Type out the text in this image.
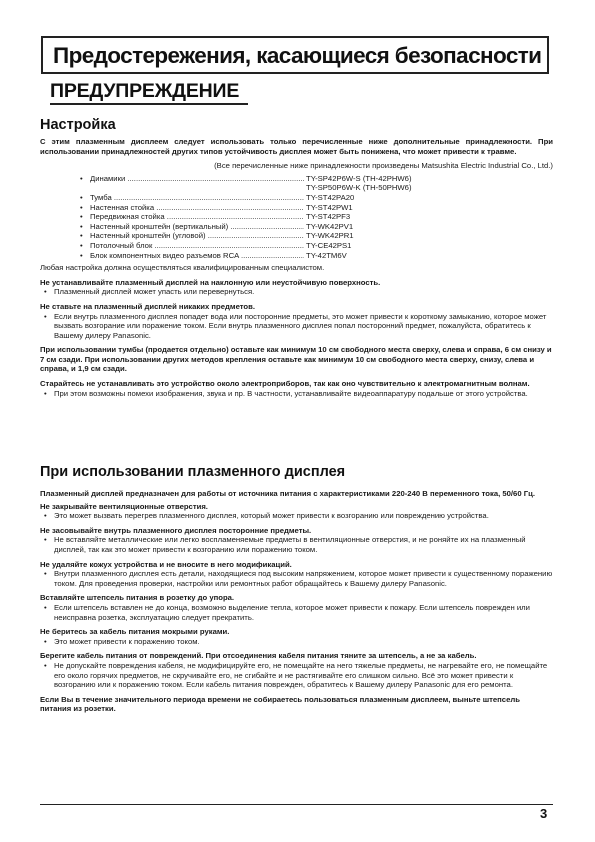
Предостережения, касающиеся безопасности
ПРЕДУПРЕЖДЕНИЕ
Настройка

С этим плазменным дисплеем следует использовать только перечисленные ниже дополнительные принадлежности. При использовании принадлежностей других типов устойчивость дисплея может быть понижена, что может привести к травме.

(Все перечисленные ниже принадлежности произведены Matsushita Electric Industrial Co., Ltd.)

• Динамики .....	TY-SP42P6W-S (TH-42PHW6)
TY-SP50P6W-K (TH-50PHW6)
• Тумба .....	TY-ST42PA20
• Настенная стойка .....	TY-ST42PW1
• Передвижная стойка .....	TY-ST42PF3
• Настенный кронштейн (вертикальный) .....	TY-WK42PV1
• Настенный кронштейн (угловой) .....	TY-WK42PR1
• Потолочный блок .....	TY-CE42PS1
• Блок компонентных видео разъемов RCA .....	TY-42TM6V

Любая настройка должна осуществляться квалифицированным специалистом.

Не устанавливайте плазменный дисплей на наклонную или неустойчивую поверхность.

• Плазменный дисплей может упасть или перевернуться.

Не ставьте на плазменный дисплей никаких предметов.

• Если внутрь плазменного дисплея попадет вода или посторонние предметы, это может привести к короткому замыканию, которое может вызвать возгорание или поражение током. Если внутрь плазменного дисплея попал посторонний предмет, пожалуйста, обратитесь к Вашему дилеру Panasonic.

При использовании тумбы (продается отдельно) оставьте как минимум 10 см свободного места сверху, слева и справа, 6 см снизу и 7 см сзади. При использовании других методов крепления оставьте как минимум 10 см свободного места сверху, снизу, слева и справа, и 1,9 см сзади.

Старайтесь не устанавливать это устройство около электроприборов, так как оно чувствительно к электромагнитным волнам.

• При этом возможны помехи изображения, звука и пр. В частности, устанавливайте видеоаппаратуру подальше от этого устройства.

При использовании плазменного дисплея

Плазменный дисплей предназначен для работы от источника питания с характеристиками 220-240 В переменного тока, 50/60 Гц.

Не закрывайте вентиляционные отверстия.

• Это может вызвать перегрев плазменного дисплея, который может привести к возгоранию или повреждению устройства.

Не засовывайте внутрь плазменного дисплея посторонние предметы.

• Не вставляйте металлические или легко воспламеняемые предметы в вентиляционные отверстия, и не роняйте их на плазменный дисплей, так как это может привести к возгоранию или поражению током.

Не удаляйте кожух устройства и не вносите в него модификаций.

• Внутри плазменного дисплея есть детали, находящиеся под высоким напряжением, которое может привести к существенному поражению током. Для проведения проверки, настройки или ремонтных работ обращайтесь к Вашему дилеру Panasonic.

Вставляйте штепсель питания в розетку до упора.

• Если штепсель вставлен не до конца, возможно выделение тепла, которое может привести к пожару. Если штепсель поврежден или неисправна розетка, эксплуатацию следует прекратить.

Не беритесь за кабель питания мокрыми руками.

• Это может привести к поражению током.

Берегите кабель питания от повреждений. При отсоединения кабеля питания тяните за штепсель, а не за кабель.

• Не допускайте повреждения кабеля, не модифицируйте его, не помещайте на него тяжелые предметы, не нагревайте его, не помещайте его около горячих предметов, не скручивайте его, не сгибайте и не растягивайте его слишком сильно. Всё это может привести к возгоранию или к поражению током. Если кабель питания поврежден, обратитесь к Вашему дилеру Panasonic для его ремонта.

Если Вы в течение значительного периода времени не собираетесь пользоваться плазменным дисплеем, выньте штепсель питания из розетки.

3
